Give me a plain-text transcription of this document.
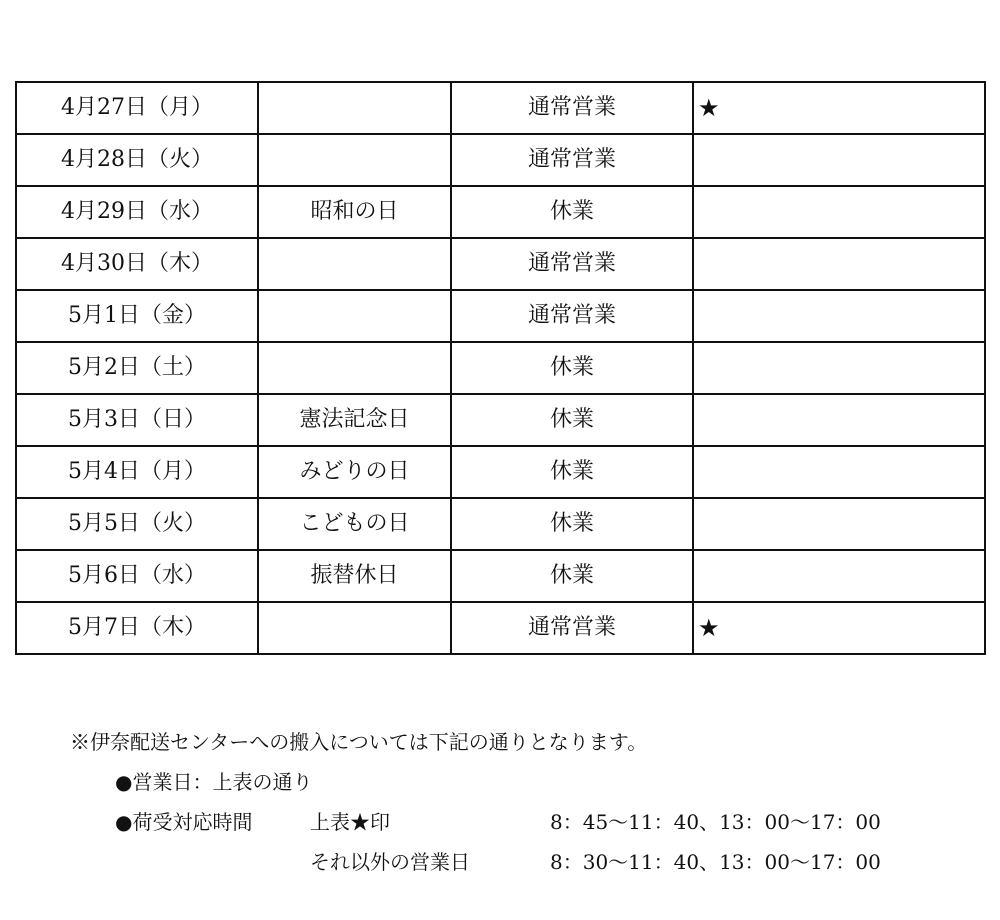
4月27日（月）		通常営業	★
4月28日（火）		通常営業	
4月29日（水）	昭和の日	休業	
4月30日（木）		通常営業	
5月1日（金）		通常営業	
5月2日（土）		休業	
5月3日（日）	憲法記念日	休業	
5月4日（月）	みどりの日	休業	
5月5日（火）	こどもの日	休業	
5月6日（水）	振替休日	休業	
5月7日（木）		通常営業	★
※伊奈配送センターへの搬入については下記の通りとなります。
●営業日：上表の通り
●荷受対応時間	上表★印	8：45〜11：40、13：00〜17：00
それ以外の営業日	8：30〜11：40、13：00〜17：00
